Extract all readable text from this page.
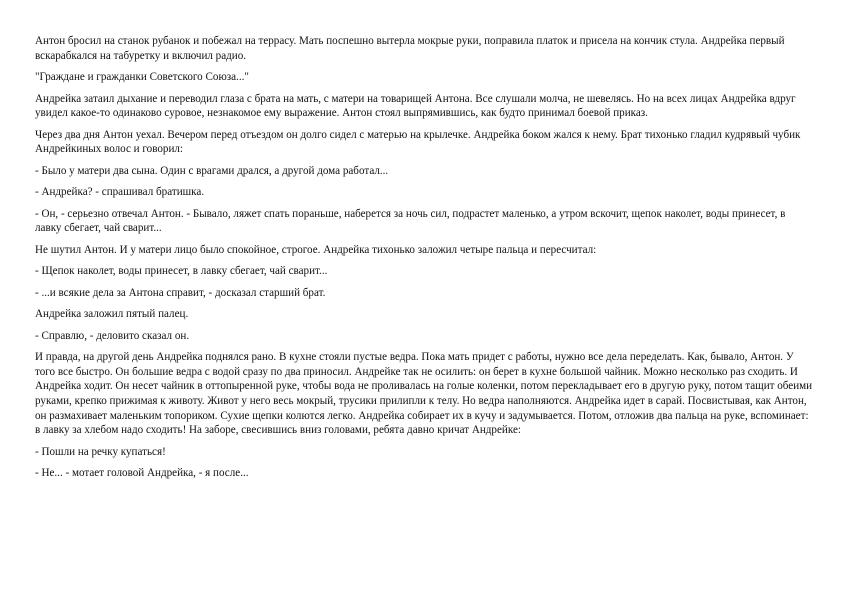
Антон бросил на станок рубанок и побежал на террасу. Мать поспешно вытерла мокрые руки, поправила платок и присела на кончик стула. Андрейка первый вскарабкался на табуретку и включил радио.

"Граждане и гражданки Советского Союза..."

Андрейка затаил дыхание и переводил глаза с брата на мать, с матери на товарищей Антона. Все слушали молча, не шевелясь. Но на всех лицах Андрейка вдруг увидел какое-то одинаково суровое, незнакомое ему выражение. Антон стоял выпрямившись, как будто принимал боевой приказ.

Через два дня Антон уехал. Вечером перед отъездом он долго сидел с матерью на крылечке. Андрейка боком жался к нему. Брат тихонько гладил кудрявый чубик Андрейкиных волос и говорил:

- Было у матери два сына. Один с врагами дрался, а другой дома работал...

- Андрейка? - спрашивал братишка.

- Он, - серьезно отвечал Антон. - Бывало, ляжет спать пораньше, наберется за ночь сил, подрастет маленько, а утром вскочит, щепок наколет, воды принесет, в лавку сбегает, чай сварит...

Не шутил Антон. И у матери лицо было спокойное, строгое. Андрейка тихонько заложил четыре пальца и пересчитал:

- Щепок наколет, воды принесет, в лавку сбегает, чай сварит...

- ...и всякие дела за Антона справит, - досказал старший брат.

Андрейка заложил пятый палец.

- Справлю, - деловито сказал он.

И правда, на другой день Андрейка поднялся рано. В кухне стояли пустые ведра. Пока мать придет с работы, нужно все дела переделать. Как, бывало, Антон. У того все быстро. Он большие ведра с водой сразу по два приносил. Андрейке так не осилить: он берет в кухне большой чайник. Можно несколько раз сходить. И Андрейка ходит. Он несет чайник в оттопыренной руке, чтобы вода не проливалась на голые коленки, потом перекладывает его в другую руку, потом тащит обеими руками, крепко прижимая к животу. Живот у него весь мокрый, трусики прилипли к телу. Но ведра наполняются. Андрейка идет в сарай. Посвистывая, как Антон, он размахивает маленьким топориком. Сухие щепки колются легко. Андрейка собирает их в кучу и задумывается. Потом, отложив два пальца на руке, вспоминает: в лавку за хлебом надо сходить! На заборе, свесившись вниз головами, ребята давно кричат Андрейке:

- Пошли на речку купаться!

- Не... - мотает головой Андрейка, - я после...
